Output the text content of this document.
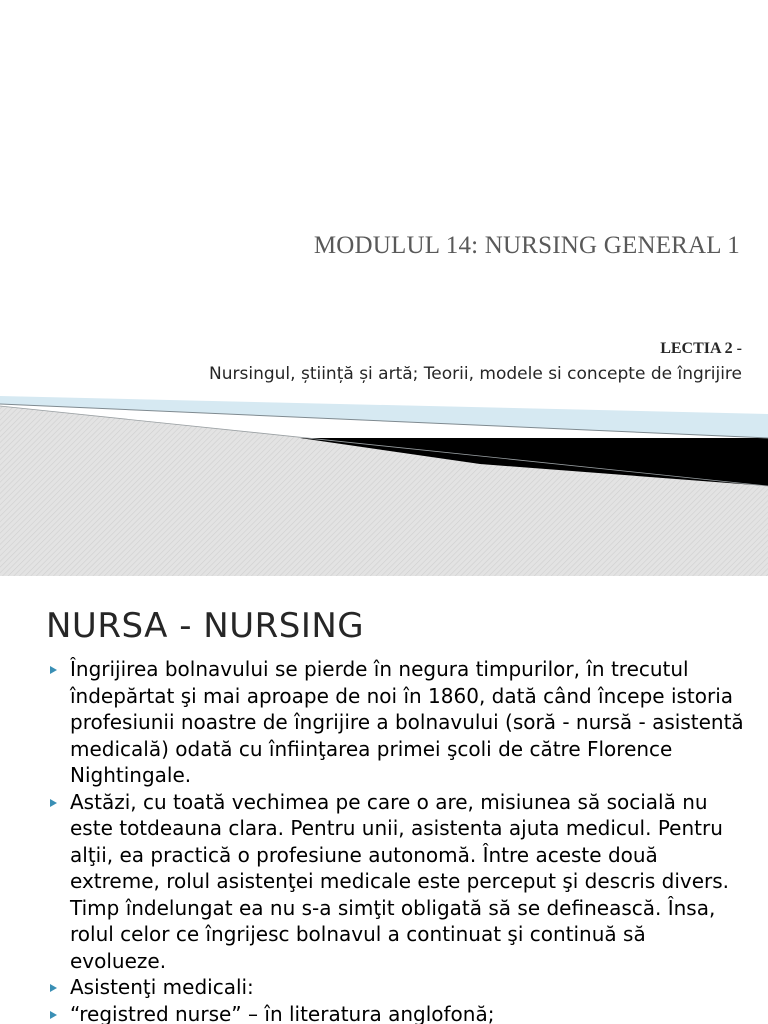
MODULUL 14: NURSING GENERAL 1
LECTIA 2 -
Nursingul, știință și artă; Teorii, modele si concepte de îngrijire
NURSA - NURSING
Îngrijirea bolnavului se pierde în negura timpurilor, în trecutul îndepărtat şi mai aproape de noi în 1860, dată când începe istoria profesiunii noastre de îngrijire a bolnavului (soră - nursă - asistentă medicală) odată cu înfiinţarea primei şcoli de către Florence Nightingale.
Astăzi, cu toată vechimea pe care o are, misiunea să socială nu este totdeauna clara. Pentru unii, asistenta ajuta medicul. Pentru alţii, ea practică o profesiune autonomă. Între aceste două extreme, rolul asistenţei medicale este perceput şi descris divers. Timp îndelungat ea nu s-a simţit obligată să se definească. Însa, rolul celor ce îngrijesc bolnavul a continuat şi continuă să evolueze.
Asistenţi medicali:
“registred nurse” – în literatura anglofonă;
